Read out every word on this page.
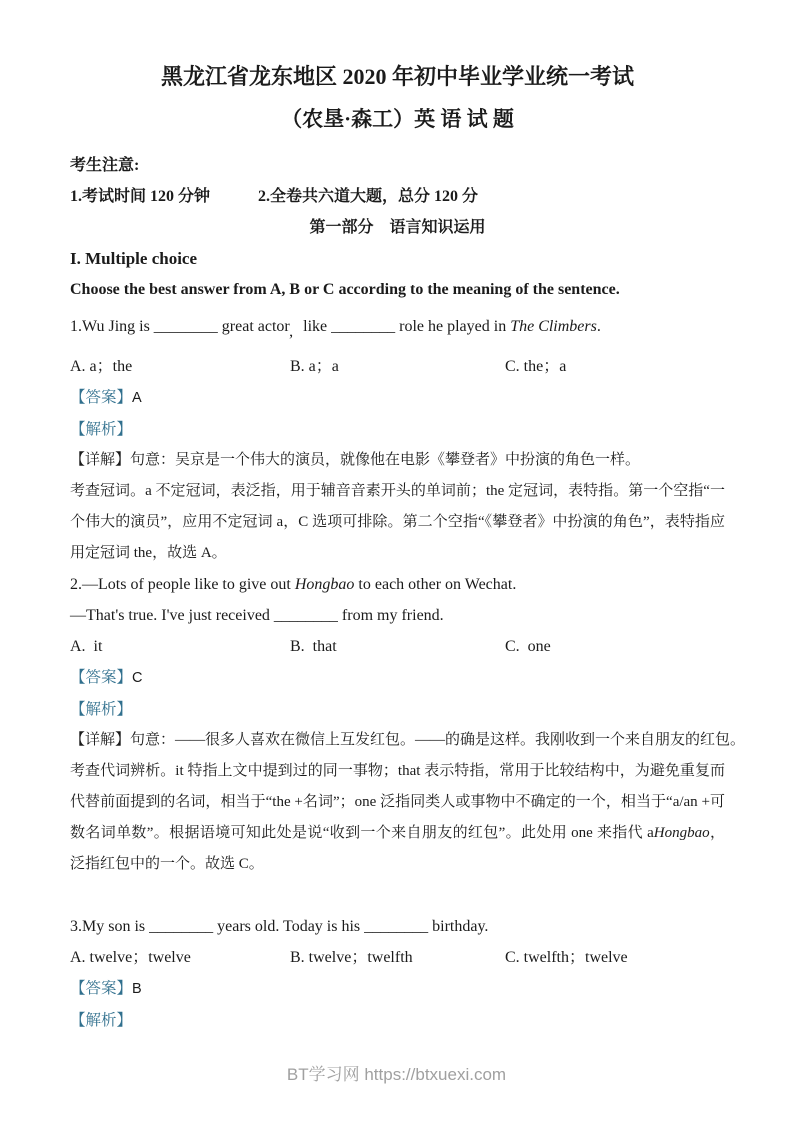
黑龙江省龙东地区 2020 年初中毕业学业统一考试
（农垦·森工）英 语 试 题
考生注意:
1.考试时间 120 分钟	2.全卷共六道大题，总分 120 分
第一部分　语言知识运用
I. Multiple choice
Choose the best answer from A, B or C according to the meaning of the sentence.
1.Wu Jing is ________ great actor, like ________ role he played in The Climbers.
A. a；the	B. a；a	C. the；a
【答案】A
【解析】
【详解】句意：吴京是一个伟大的演员，就像他在电影《攀登者》中扮演的角色一样。
考查冠词。a 不定冠词，表泛指，用于辅音音素开头的单词前；the 定冠词，表特指。第一个空指“一个伟大的演员”，应用不定冠词 a，C 选项可排除。第二个空指“《攀登者》中扮演的角色”，表特指应用定冠词 the，故选 A。
2.—Lots of people like to give out Hongbao to each other on Wechat.
—That's true. I've just received ________ from my friend.
A.  it	B.  that	C.  one
【答案】C
【解析】
【详解】句意：——很多人喜欢在微信上互发红包。——的确是这样。我刚收到一个来自朋友的红包。
考查代词辨析。it 特指上文中提到过的同一事物；that 表示特指，常用于比较结构中，为避免重复而代替前面提到的名词，相当于“the +名词”；one 泛指同类人或事物中不确定的一个，相当于“a/an +可数名词单数”。根据语境可知此处是说“收到一个来自朋友的红包”。此处用 one 来指代 aHongbao，泛指红包中的一个。故选 C。
3.My son is ________ years old. Today is his ________ birthday.
A. twelve；twelve	B. twelve；twelfth	C. twelfth；twelve
【答案】B
【解析】
BT学习网 https://btxuexi.com
